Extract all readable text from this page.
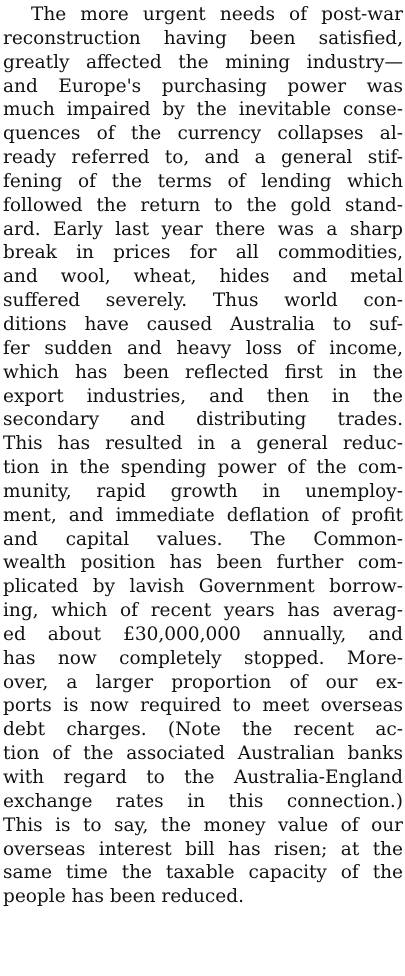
The more urgent needs of post-war
reconstruction having been satisfied,
greatly affected the mining industry—
and Europe's purchasing power was
much impaired by the inevitable conse-
quences of the currency collapses al-
ready referred to, and a general stif-
fening of the terms of lending which
followed the return to the gold stand-
ard. Early last year there was a sharp
break in prices for all commodities,
and wool, wheat, hides and metal
suffered severely. Thus world con-
ditions have caused Australia to suf-
fer sudden and heavy loss of income,
which has been reflected first in the
export industries, and then in the
secondary and distributing trades.
This has resulted in a general reduc-
tion in the spending power of the com-
munity, rapid growth in unemploy-
ment, and immediate deflation of profit
and capital values. The Common-
wealth position has been further com-
plicated by lavish Government borrow-
ing, which of recent years has averag-
ed about £30,000,000 annually, and
has now completely stopped. More-
over, a larger proportion of our ex-
ports is now required to meet overseas
debt charges. (Note the recent ac-
tion of the associated Australian banks
with regard to the Australia-England
exchange rates in this connection.)
This is to say, the money value of our
overseas interest bill has risen; at the
same time the taxable capacity of the
people has been reduced.
